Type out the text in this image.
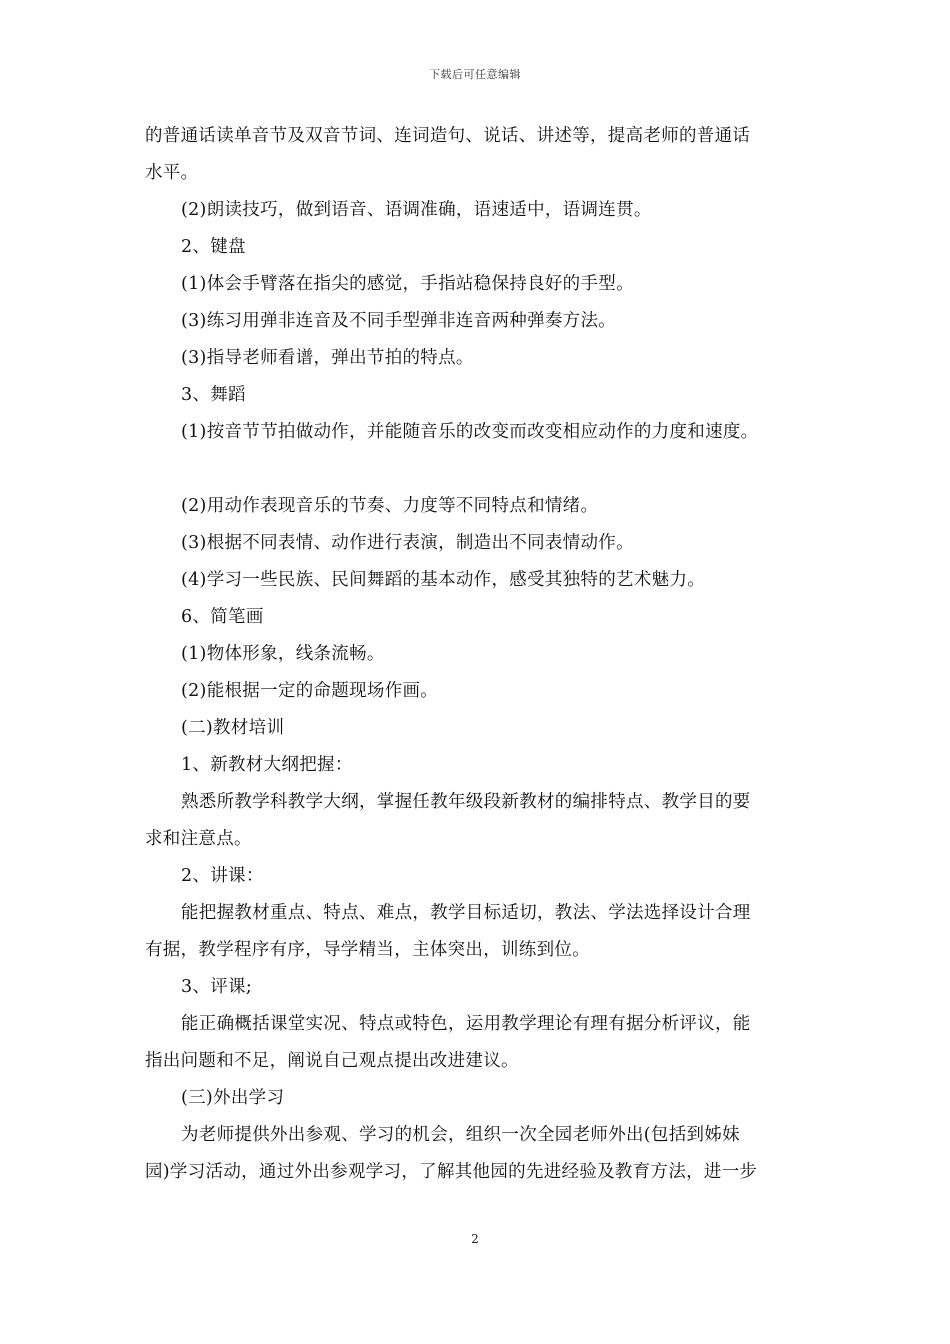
下载后可任意编辑
的普通话读单音节及双音节词、连词造句、说话、讲述等，提高老师的普通话
水平。
(2)朗读技巧，做到语音、语调准确，语速适中，语调连贯。
2、键盘
(1)体会手臂落在指尖的感觉，手指站稳保持良好的手型。
(3)练习用弹非连音及不同手型弹非连音两种弹奏方法。
(3)指导老师看谱，弹出节拍的特点。
3、舞蹈
(1)按音节节拍做动作，并能随音乐的改变而改变相应动作的力度和速度。
(2)用动作表现音乐的节奏、力度等不同特点和情绪。
(3)根据不同表情、动作进行表演，制造出不同表情动作。
(4)学习一些民族、民间舞蹈的基本动作，感受其独特的艺术魅力。
6、简笔画
(1)物体形象，线条流畅。
(2)能根据一定的命题现场作画。
(二)教材培训
1、新教材大纲把握：
熟悉所教学科教学大纲，掌握任教年级段新教材的编排特点、教学目的要
求和注意点。
2、讲课：
能把握教材重点、特点、难点，教学目标适切，教法、学法选择设计合理
有据，教学程序有序，导学精当，主体突出，训练到位。
3、评课;
能正确概括课堂实况、特点或特色，运用教学理论有理有据分析评议，能
指出问题和不足，阐说自己观点提出改进建议。
(三)外出学习
为老师提供外出参观、学习的机会，组织一次全园老师外出(包括到姊妹
园)学习活动，通过外出参观学习，了解其他园的先进经验及教育方法，进一步
2
